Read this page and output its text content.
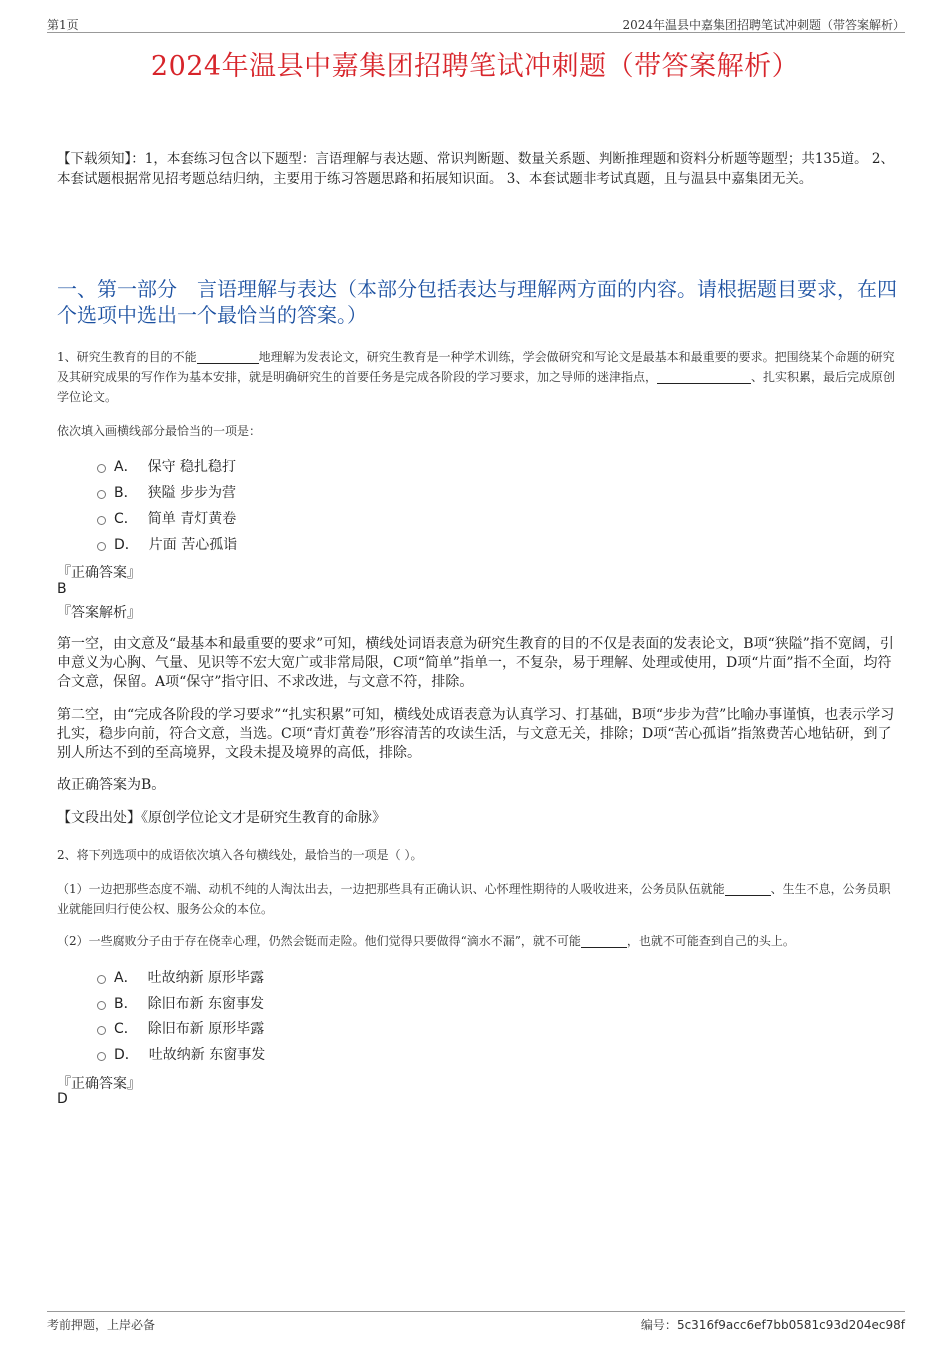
第1页	2024年温县中嘉集团招聘笔试冲刺题（带答案解析）
2024年温县中嘉集团招聘笔试冲刺题（带答案解析）
【下载须知】：1，本套练习包含以下题型：言语理解与表达题、常识判断题、数量关系题、判断推理题和资料分析题等题型；共135道。 2、本套试题根据常见招考题总结归纳，主要用于练习答题思路和拓展知识面。 3、本套试题非考试真题，且与温县中嘉集团无关。
一、第一部分　言语理解与表达（本部分包括表达与理解两方面的内容。请根据题目要求，在四个选项中选出一个最恰当的答案。）
1、研究生教育的目的不能	地理解为发表论文，研究生教育是一种学术训练，学会做研究和写论文是最基本和最重要的要求。把围绕某个命题的研究及其研究成果的写作作为基本安排，就是明确研究生的首要任务是完成各阶段的学习要求，加之导师的迷津指点，	、扎实积累，最后完成原创学位论文。
依次填入画横线部分最恰当的一项是：
A． 保守 稳扎稳打
B． 狭隘 步步为营
C． 简单 青灯黄卷
D． 片面 苦心孤诣
『正确答案』
B
『答案解析』
第一空，由文意及“最基本和最重要的要求”可知，横线处词语表意为研究生教育的目的不仅是表面的发表论文，B项“狭隘”指不宽阔，引申意义为心胸、气量、见识等不宏大宽广或非常局限，C项“简单”指单一，不复杂，易于理解、处理或使用，D项“片面”指不全面，均符合文意，保留。A项“保守”指守旧、不求改进，与文意不符，排除。
第二空，由“完成各阶段的学习要求”“扎实积累”可知，横线处成语表意为认真学习、打基础，B项“步步为营”比喻办事谨慎，也表示学习扎实，稳步向前，符合文意，当选。C项“青灯黄卷”形容清苦的攻读生活，与文意无关，排除；D项“苦心孤诣”指煞费苦心地钻研，到了别人所达不到的至高境界，文段未提及境界的高低，排除。
故正确答案为B。
【文段出处】《原创学位论文才是研究生教育的命脉》
2、将下列选项中的成语依次填入各句横线处，最恰当的一项是（ ）。
（1）一边把那些态度不端、动机不纯的人淘汰出去，一边把那些具有正确认识、心怀理性期待的人吸收进来，公务员队伍就能	、生生不息，公务员职业就能回归行使公权、服务公众的本位。
（2）一些腐败分子由于存在侥幸心理，仍然会铤而走险。他们觉得只要做得“滴水不漏”，就不可能	，也就不可能查到自己的头上。
A． 吐故纳新 原形毕露
B． 除旧布新 东窗事发
C． 除旧布新 原形毕露
D． 吐故纳新 东窗事发
『正确答案』
D
考前押题，上岸必备	编号：5c316f9acc6ef7bb0581c93d204ec98f
